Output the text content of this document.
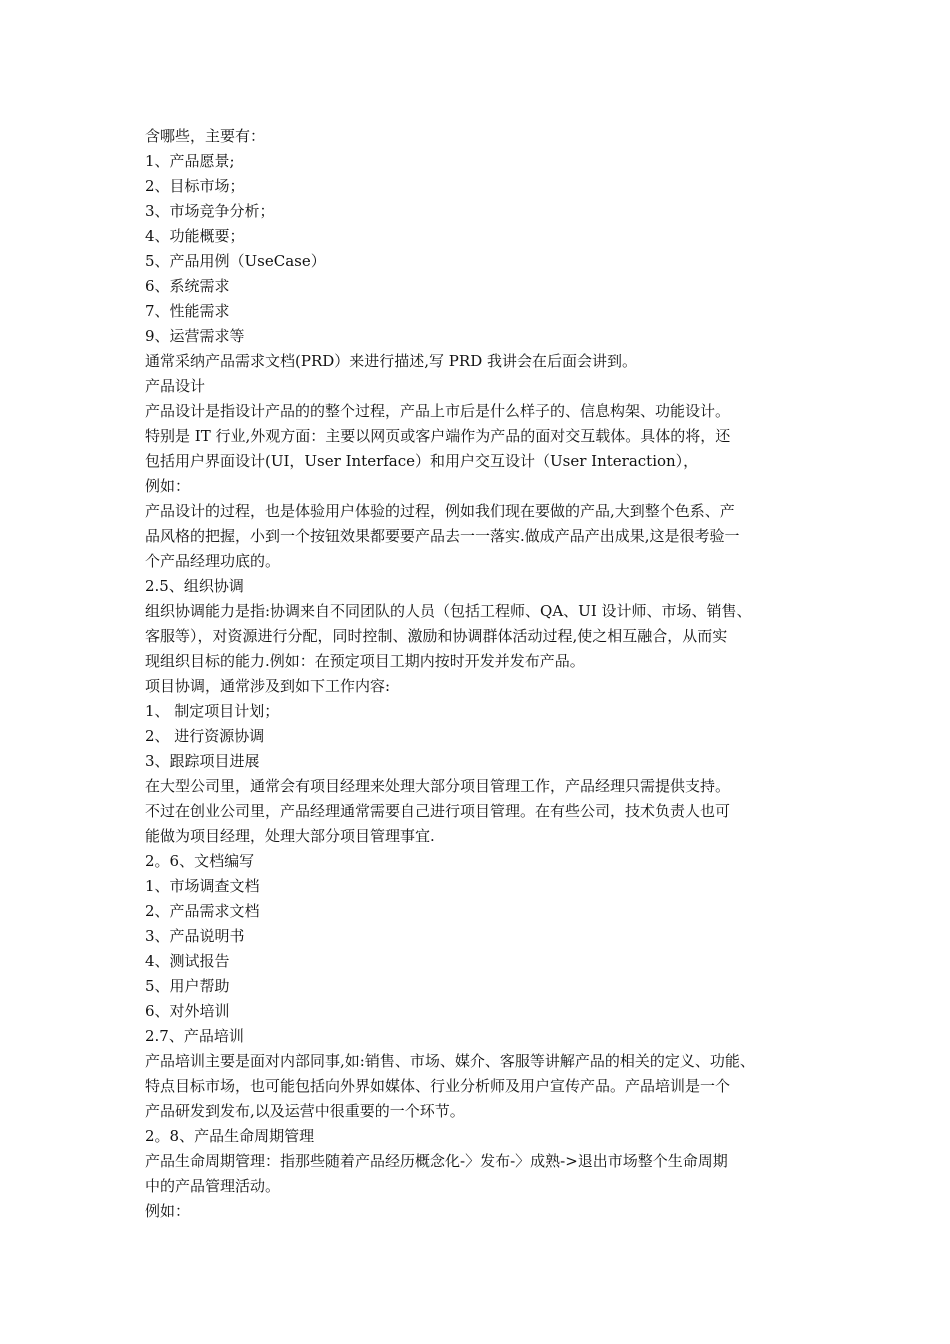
含哪些，主要有：

1、产品愿景;

2、目标市场；

3、市场竞争分析；

4、功能概要；

5、产品用例（UseCase）

6、系统需求

7、性能需求

9、运营需求等

通常采纳产品需求文档(PRD）来进行描述,写 PRD 我讲会在后面会讲到。

产品设计

产品设计是指设计产品的的整个过程，产品上市后是什么样子的、信息构架、功能设计。

特别是 IT 行业,外观方面：主要以网页或客户端作为产品的面对交互载体。具体的将，还

包括用户界面设计(UI，User Interface）和用户交互设计（User Interaction），

例如：

产品设计的过程，也是体验用户体验的过程，例如我们现在要做的产品,大到整个色系、产

品风格的把握，小到一个按钮效果都要要产品去一一落实.做成产品产出成果,这是很考验一

个产品经理功底的。

2.5、组织协调

组织协调能力是指:协调来自不同团队的人员（包括工程师、QA、UI 设计师、市场、销售、

客服等），对资源进行分配，同时控制、激励和协调群体活动过程,使之相互融合，从而实

现组织目标的能力.例如：在预定项目工期内按时开发并发布产品。

项目协调，通常涉及到如下工作内容:

1、 制定项目计划；

2、 进行资源协调

3、跟踪项目进展

在大型公司里，通常会有项目经理来处理大部分项目管理工作，产品经理只需提供支持。

不过在创业公司里，产品经理通常需要自己进行项目管理。在有些公司，技术负责人也可

能做为项目经理，处理大部分项目管理事宜.

2。6、文档编写

1、市场调查文档

2、产品需求文档

3、产品说明书

4、测试报告

5、用户帮助

6、对外培训

2.7、产品培训

产品培训主要是面对内部同事,如:销售、市场、媒介、客服等讲解产品的相关的定义、功能、

特点目标市场，也可能包括向外界如媒体、行业分析师及用户宣传产品。产品培训是一个

产品研发到发布,以及运营中很重要的一个环节。

2。8、产品生命周期管理

产品生命周期管理：指那些随着产品经历概念化-〉发布-〉成熟->退出市场整个生命周期

中的产品管理活动。

例如：
